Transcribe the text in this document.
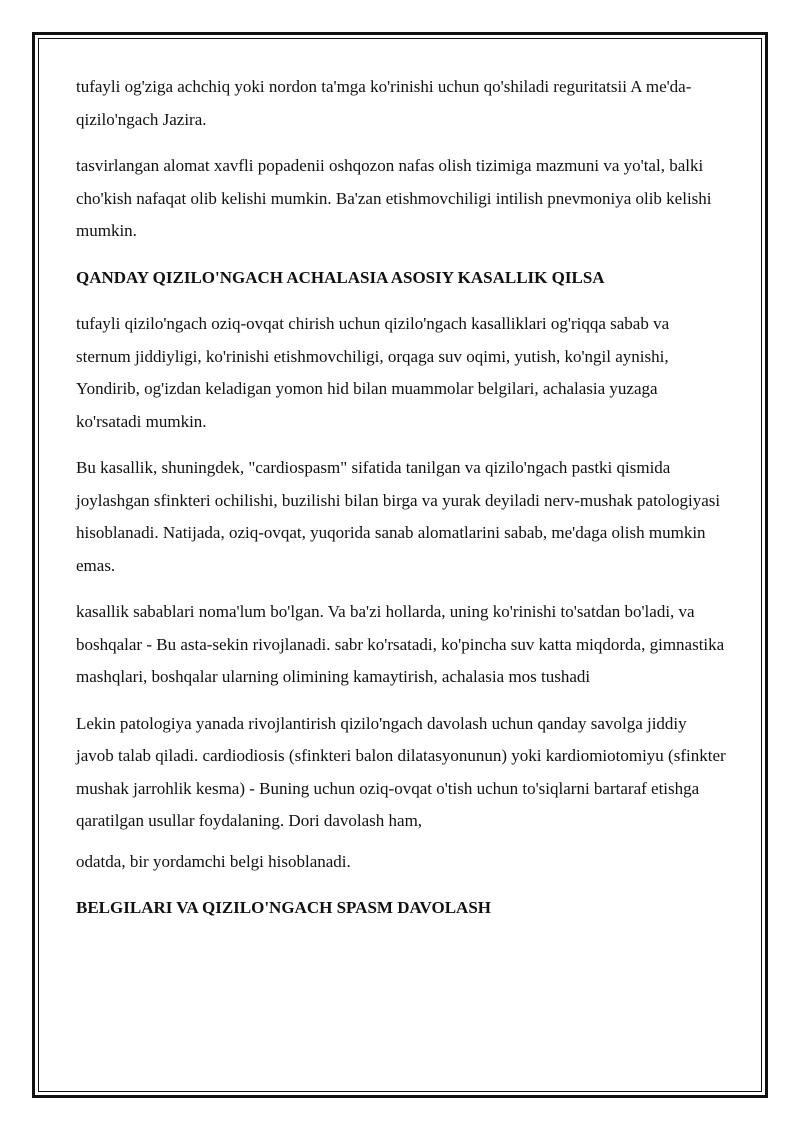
tufayli og'ziga achchiq yoki nordon ta'mga ko'rinishi uchun qo'shiladi reguritatsii A me'da-qizilo'ngach Jazira.

tasvirlangan alomat xavfli popadenii oshqozon nafas olish tizimiga mazmuni va yo'tal, balki cho'kish nafaqat olib kelishi mumkin. Ba'zan etishmovchiligi intilish pnevmoniya olib kelishi mumkin.

QANDAY QIZILO'NGACH ACHALASIA ASOSIY KASALLIK QILSA

tufayli qizilo'ngach oziq-ovqat chirish uchun qizilo'ngach kasalliklari og'riqqa sabab va sternum jiddiyligi, ko'rinishi etishmovchiligi, orqaga suv oqimi, yutish, ko'ngil aynishi, Yondirib, og'izdan keladigan yomon hid bilan muammolar belgilari, achalasia yuzaga ko'rsatadi mumkin.

Bu kasallik, shuningdek, "cardiospasm" sifatida tanilgan va qizilo'ngach pastki qismida joylashgan sfinkteri ochilishi, buzilishi bilan birga va yurak deyiladi nerv-mushak patologiyasi hisoblanadi. Natijada, oziq-ovqat, yuqorida sanab alomatlarini sabab, me'daga olish mumkin emas.

kasallik sabablari noma'lum bo'lgan. Va ba'zi hollarda, uning ko'rinishi to'satdan bo'ladi, va boshqalar - Bu asta-sekin rivojlanadi. sabr ko'rsatadi, ko'pincha suv katta miqdorda, gimnastika mashqlari, boshqalar ularning olimining kamaytirish, achalasia mos tushadi

Lekin patologiya yanada rivojlantirish qizilo'ngach davolash uchun qanday savolga jiddiy javob talab qiladi. cardiodiosis (sfinkteri balon dilatasyonunun) yoki kardiomiotomiyu (sfinkter mushak jarrohlik kesma) - Buning uchun oziq-ovqat o'tish uchun to'siqlarni bartaraf etishga qaratilgan usullar foydalaning. Dori davolash ham,

odatda, bir yordamchi belgi hisoblanadi.

BELGILARI VA QIZILO'NGACH SPASM DAVOLASH
